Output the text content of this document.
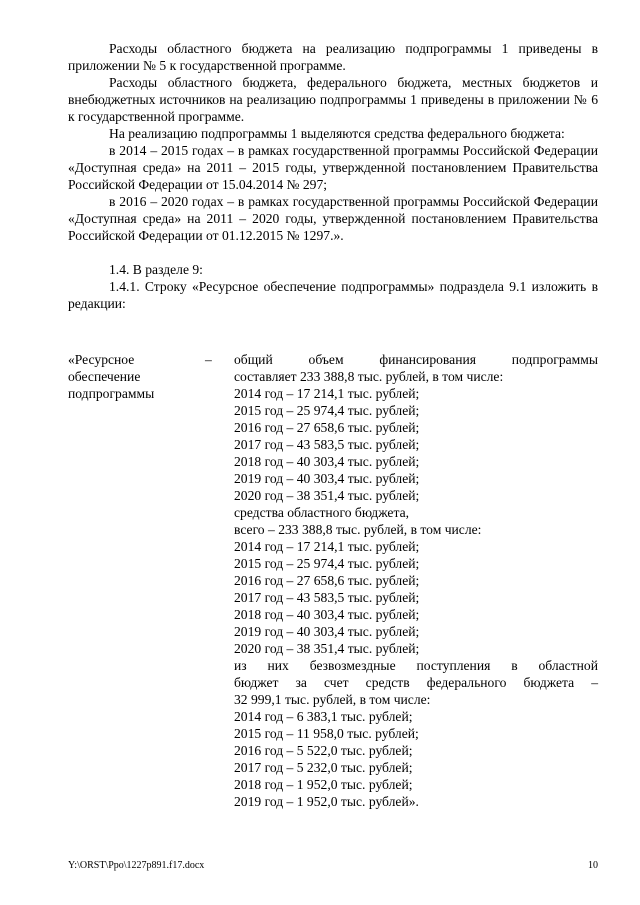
Расходы областного бюджета на реализацию подпрограммы 1 приведены в приложении № 5 к государственной программе.

Расходы областного бюджета, федерального бюджета, местных бюджетов и внебюджетных источников на реализацию подпрограммы 1 приведены в приложении № 6 к государственной программе.

На реализацию подпрограммы 1 выделяются средства федерального бюджета:

в 2014 – 2015 годах – в рамках государственной программы Российской Федерации «Доступная среда» на 2011 – 2015 годы, утвержденной постановлением Правительства Российской Федерации от 15.04.2014 № 297;

в 2016 – 2020 годах – в рамках государственной программы Российской Федерации «Доступная среда» на 2011 – 2020 годы, утвержденной постановлением Правительства Российской Федерации от 01.12.2015 № 1297.».

1.4. В разделе 9:

1.4.1. Строку «Ресурсное обеспечение подпрограммы» подраздела 9.1 изложить в редакции:

«Ресурсное

обеспечение

подпрограммы

– общий объем финансирования подпрограммы

составляет 233 388,8 тыс. рублей, в том числе:

2014 год – 17 214,1 тыс. рублей;

2015 год – 25 974,4 тыс. рублей;

2016 год – 27 658,6 тыс. рублей;

2017 год – 43 583,5 тыс. рублей;

2018 год – 40 303,4 тыс. рублей;

2019 год – 40 303,4 тыс. рублей;

2020 год – 38 351,4 тыс. рублей;

средства областного бюджета,

всего – 233 388,8 тыс. рублей, в том числе:

2014 год – 17 214,1 тыс. рублей;

2015 год – 25 974,4 тыс. рублей;

2016 год – 27 658,6 тыс. рублей;

2017 год – 43 583,5 тыс. рублей;

2018 год – 40 303,4 тыс. рублей;

2019 год – 40 303,4 тыс. рублей;

2020 год – 38 351,4 тыс. рублей;

из них безвозмездные поступления в областной

бюджет за счет средств федерального бюджета –

32 999,1 тыс. рублей, в том числе:

2014 год – 6 383,1 тыс. рублей;

2015 год – 11 958,0 тыс. рублей;

2016 год – 5 522,0 тыс. рублей;

2017 год – 5 232,0 тыс. рублей;

2018 год – 1 952,0 тыс. рублей;

2019 год – 1 952,0 тыс. рублей».

Y:\ORST\Ppo\1227p891.f17.docx	10
